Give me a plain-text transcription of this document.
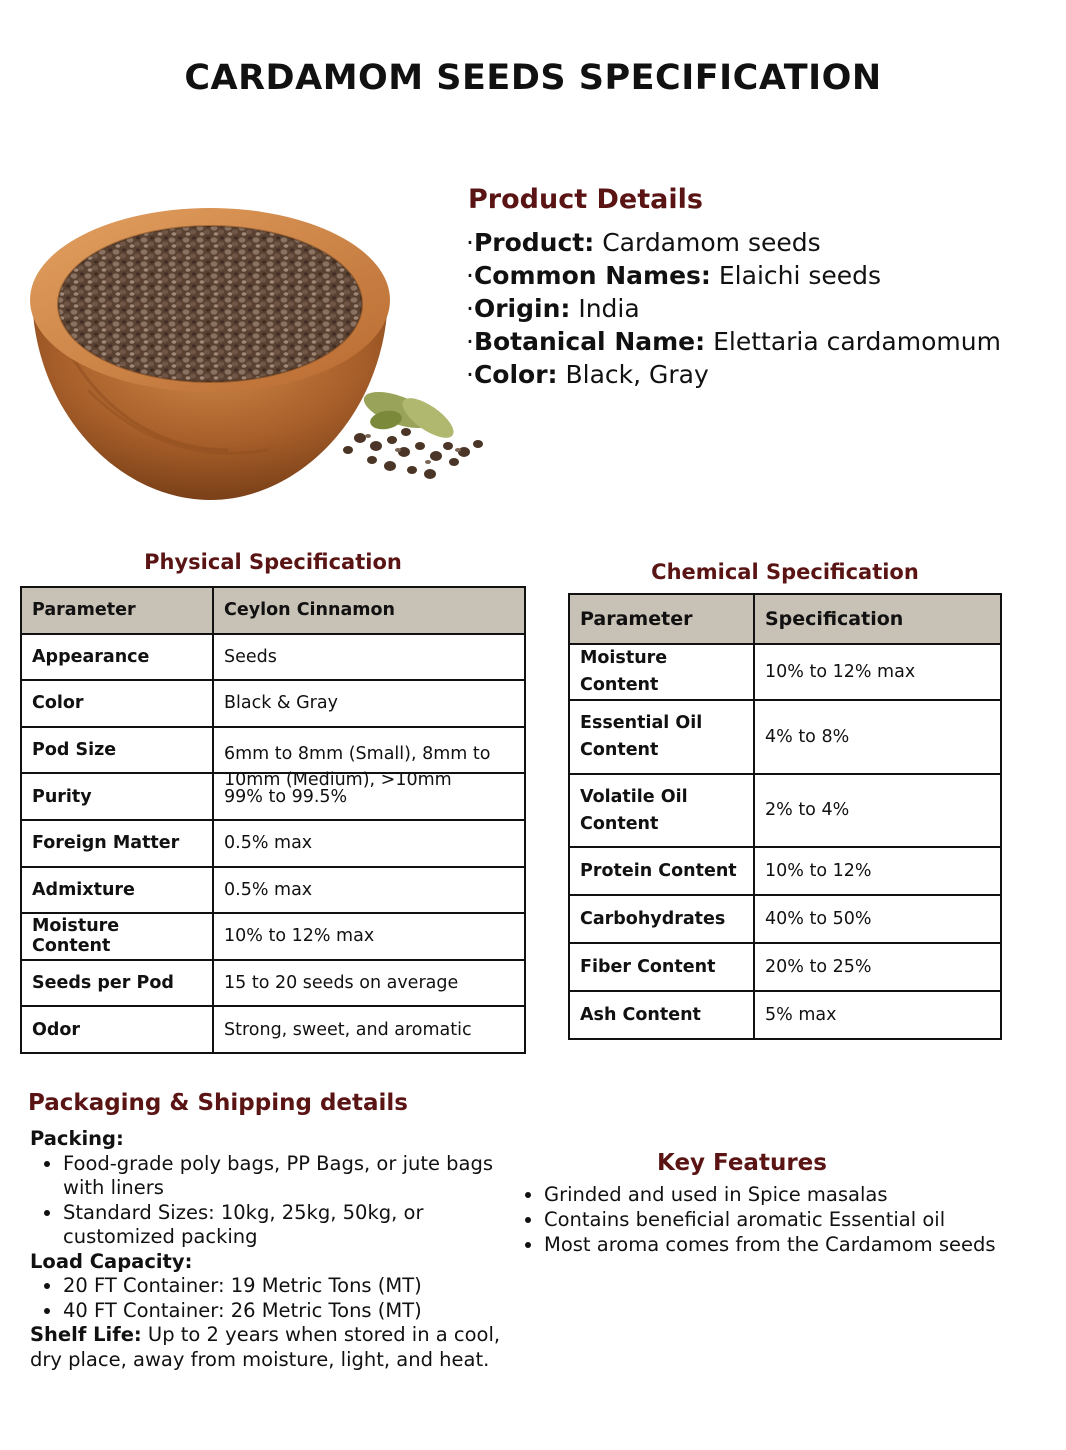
CARDAMOM SEEDS SPECIFICATION
Product Details
·Product: Cardamom seeds
·Common Names: Elaichi seeds
·Origin: India
·Botanical Name: Elettaria cardamomum
·Color: Black, Gray
Physical Specification
Parameter	Ceylon Cinnamon
Appearance	Seeds
Color	Black & Gray
Pod Size	6mm to 8mm (Small), 8mm to 10mm (Medium), >10mm

Purity	99% to 99.5%
Foreign Matter	0.5% max
Admixture	0.5% max
Moisture Content	10% to 12% max
Seeds per Pod	15 to 20 seeds on average
Odor	Strong, sweet, and aromatic
Chemical Specification
Parameter	Specification
Moisture Content	10% to 12% max
Essential Oil Content	4% to 8%
Volatile Oil Content	2% to 4%
Protein Content	10% to 12%
Carbohydrates	40% to 50%
Fiber Content	20% to 25%
Ash Content	5% max
Packaging & Shipping details
Packing:
• Food-grade poly bags, PP Bags, or jute bags with liners
• Standard Sizes: 10kg, 25kg, 50kg, or customized packing
Load Capacity:
• 20 FT Container: 19 Metric Tons (MT)
• 40 FT Container: 26 Metric Tons (MT)

Shelf Life: Up to 2 years when stored in a cool, dry place, away from moisture, light, and heat.

Key Features
• Grinded and used in Spice masalas
• Contains beneficial aromatic Essential oil
• Most aroma comes from the Cardamom seeds
